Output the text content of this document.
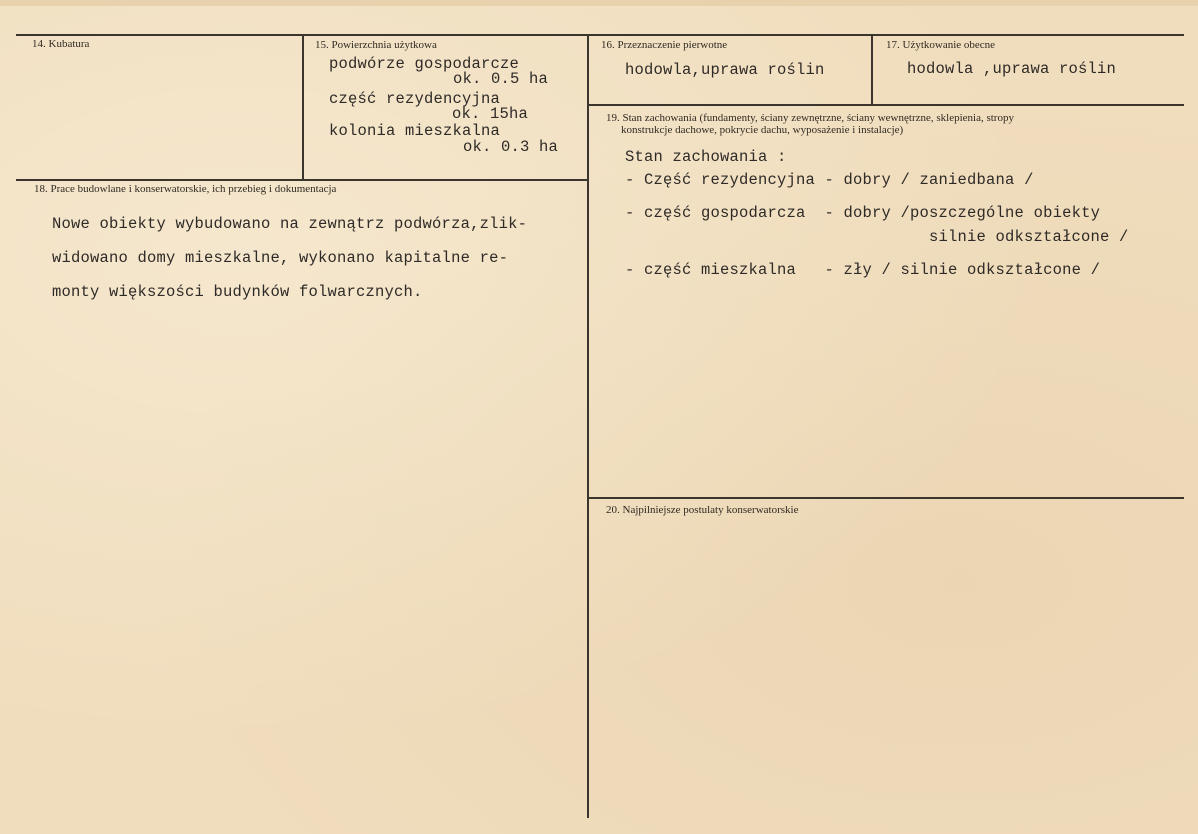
14. Kubatura	15. Powierzchnia użytkowa
podwórze gospodarcze
ok. 0.5 ha
część rezydencyjna
ok. 15ha
kolonia mieszkalna
ok. 0.3 ha
16. Przeznaczenie pierwotne
hodowla,uprawa roślin
17. Użytkowanie obecne
hodowla ,uprawa roślin
18. Prace budowlane i konserwatorskie, ich przebieg i dokumentacja
Nowe obiekty wybudowano na zewnątrz podwórza,zlik-
widowano domy mieszkalne, wykonano kapitalne re-
monty większości budynków folwarcznych.
19. Stan zachowania (fundamenty, ściany zewnętrzne, ściany wewnętrzne, sklepienia, stropy
konstrukcje dachowe, pokrycie dachu, wyposażenie i instalacje)
Stan zachowania :
- Część rezydencyjna - dobry / zaniedbana /
- część gospodarcza  - dobry /poszczególne obiekty
silnie odkształcone /
- część mieszkalna   - zły / silnie odkształcone /
20. Najpilniejsze postulaty konserwatorskie
